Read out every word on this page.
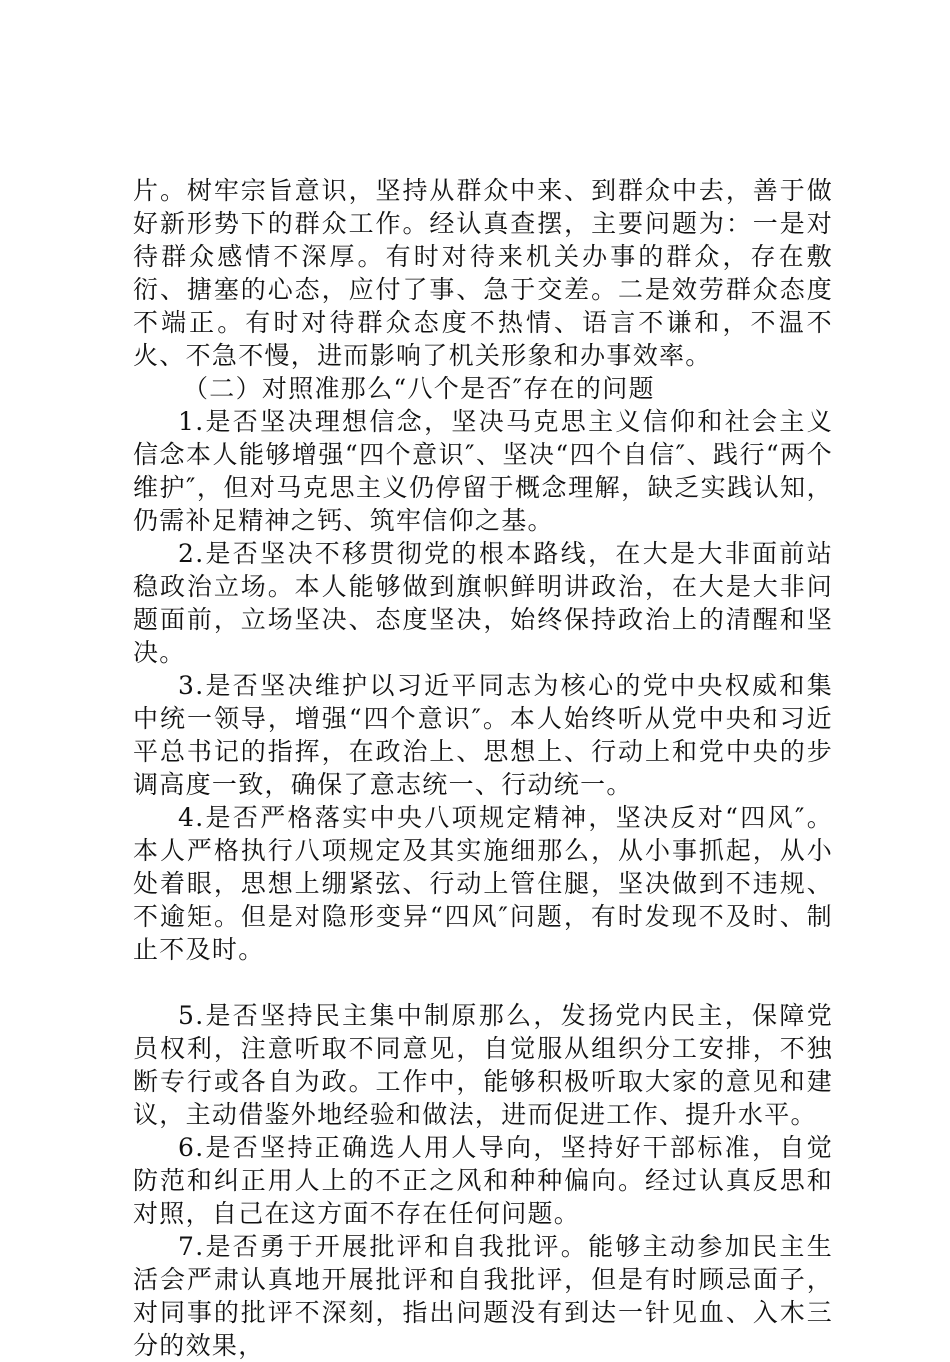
片。树牢宗旨意识，坚持从群众中来、到群众中去，善于做好新形势下的群众工作。经认真查摆，主要问题为：一是对待群众感情不深厚。有时对待来机关办事的群众，存在敷衍、搪塞的心态，应付了事、急于交差。二是效劳群众态度不端正。有时对待群众态度不热情、语言不谦和，不温不火、不急不慢，进而影响了机关形象和办事效率。

（二）对照准那么“八个是否″存在的问题

1.是否坚决理想信念，坚决马克思主义信仰和社会主义信念本人能够增强“四个意识″、坚决“四个自信″、践行“两个维护″，但对马克思主义仍停留于概念理解，缺乏实践认知，仍需补足精神之钙、筑牢信仰之基。

2.是否坚决不移贯彻党的根本路线，在大是大非面前站稳政治立场。本人能够做到旗帜鲜明讲政治，在大是大非问题面前，立场坚决、态度坚决，始终保持政治上的清醒和坚决。

3.是否坚决维护以习近平同志为核心的党中央权威和集中统一领导，增强“四个意识″。本人始终听从党中央和习近平总书记的指挥，在政治上、思想上、行动上和党中央的步调高度一致，确保了意志统一、行动统一。

4.是否严格落实中央八项规定精神，坚决反对“四风″。本人严格执行八项规定及其实施细那么，从小事抓起，从小处着眼，思想上绷紧弦、行动上管住腿，坚决做到不违规、不逾矩。但是对隐形变异“四风″问题，有时发现不及时、制止不及时。

5.是否坚持民主集中制原那么，发扬党内民主，保障党员权利，注意听取不同意见，自觉服从组织分工安排，不独断专行或各自为政。工作中，能够积极听取大家的意见和建议，主动借鉴外地经验和做法，进而促进工作、提升水平。

6.是否坚持正确选人用人导向，坚持好干部标准，自觉防范和纠正用人上的不正之风和种种偏向。经过认真反思和对照，自己在这方面不存在任何问题。

7.是否勇于开展批评和自我批评。能够主动参加民主生活会严肃认真地开展批评和自我批评，但是有时顾忌面子，对同事的批评不深刻，指出问题没有到达一针见血、入木三分的效果，
